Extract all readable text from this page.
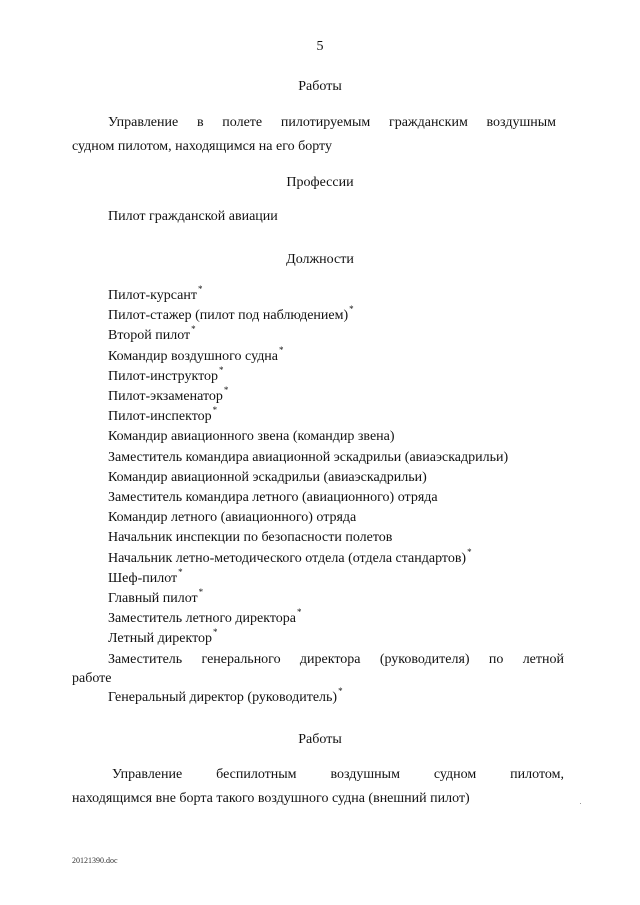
5
Работы
Управление в полете пилотируемым гражданским воздушным
судном пилотом, находящимся на его борту
Профессии
Пилот гражданской авиации
Должности
Пилот-курсант*
Пилот-стажер (пилот под наблюдением)*
Второй пилот*
Командир воздушного судна*
Пилот-инструктор*
Пилот-экзаменатор*
Пилот-инспектор*
Командир авиационного звена (командир звена)
Заместитель командира авиационной эскадрильи (авиаэскадрильи)
Командир авиационной эскадрильи (авиаэскадрильи)
Заместитель командира летного (авиационного) отряда
Командир летного (авиационного) отряда
Начальник инспекции по безопасности полетов
Начальник летно-методического отдела (отдела стандартов)*
Шеф-пилот*
Главный пилот*
Заместитель летного директора*
Летный директор*
Заместитель генерального директора (руководителя) по летной
работе
Генеральный директор (руководитель)*
Работы
Управление беспилотным воздушным судном пилотом,
находящимся вне борта такого воздушного судна (внешний пилот)
20121390.doc
